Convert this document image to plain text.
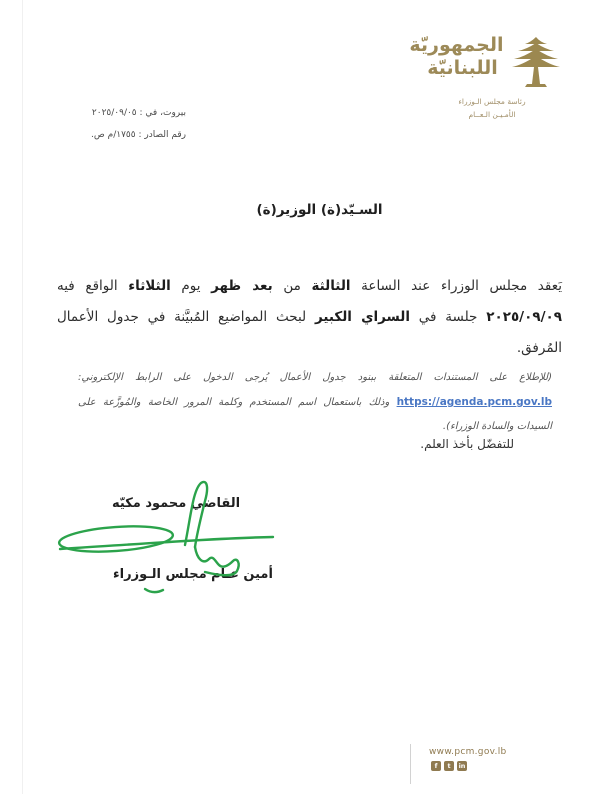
الجمهوريّة
اللبنانيّة
رئاسة مجلس الـوزراء
الأمـيـن الـعــام
بيروت، في : ٢٠٢٥/٠٩/٠٥
رقم الصادر : ١٧٥٥/م ص.
السـيّد(ة) الوزير(ة)

يَعقد مجلس الوزراء عند الساعة الثالثة من بعد ظهر يوم الثلاثاء الواقع فيه ٢٠٢٥/٠٩/٠٩ جلسة في السراي الكبير لبحث المواضيع المُبيَّنة في جدول الأعمال المُرفق.

(للإطلاع على المستندات المتعلقة ببنود جدول الأعمال يُرجى الدخول على الرابط الإلكتروني: https://agenda.pcm.gov.lb وذلك باستعمال اسم المستخدم وكلمة المرور الخاصة والمُوزَّعة على السيدات والسادة الوزراء).

للتفضّل بأخذ العلم.
القاضي محمود مكيّه
أمين عـام مجلس الـوزراء
www.pcm.gov.lb
f	t	in
